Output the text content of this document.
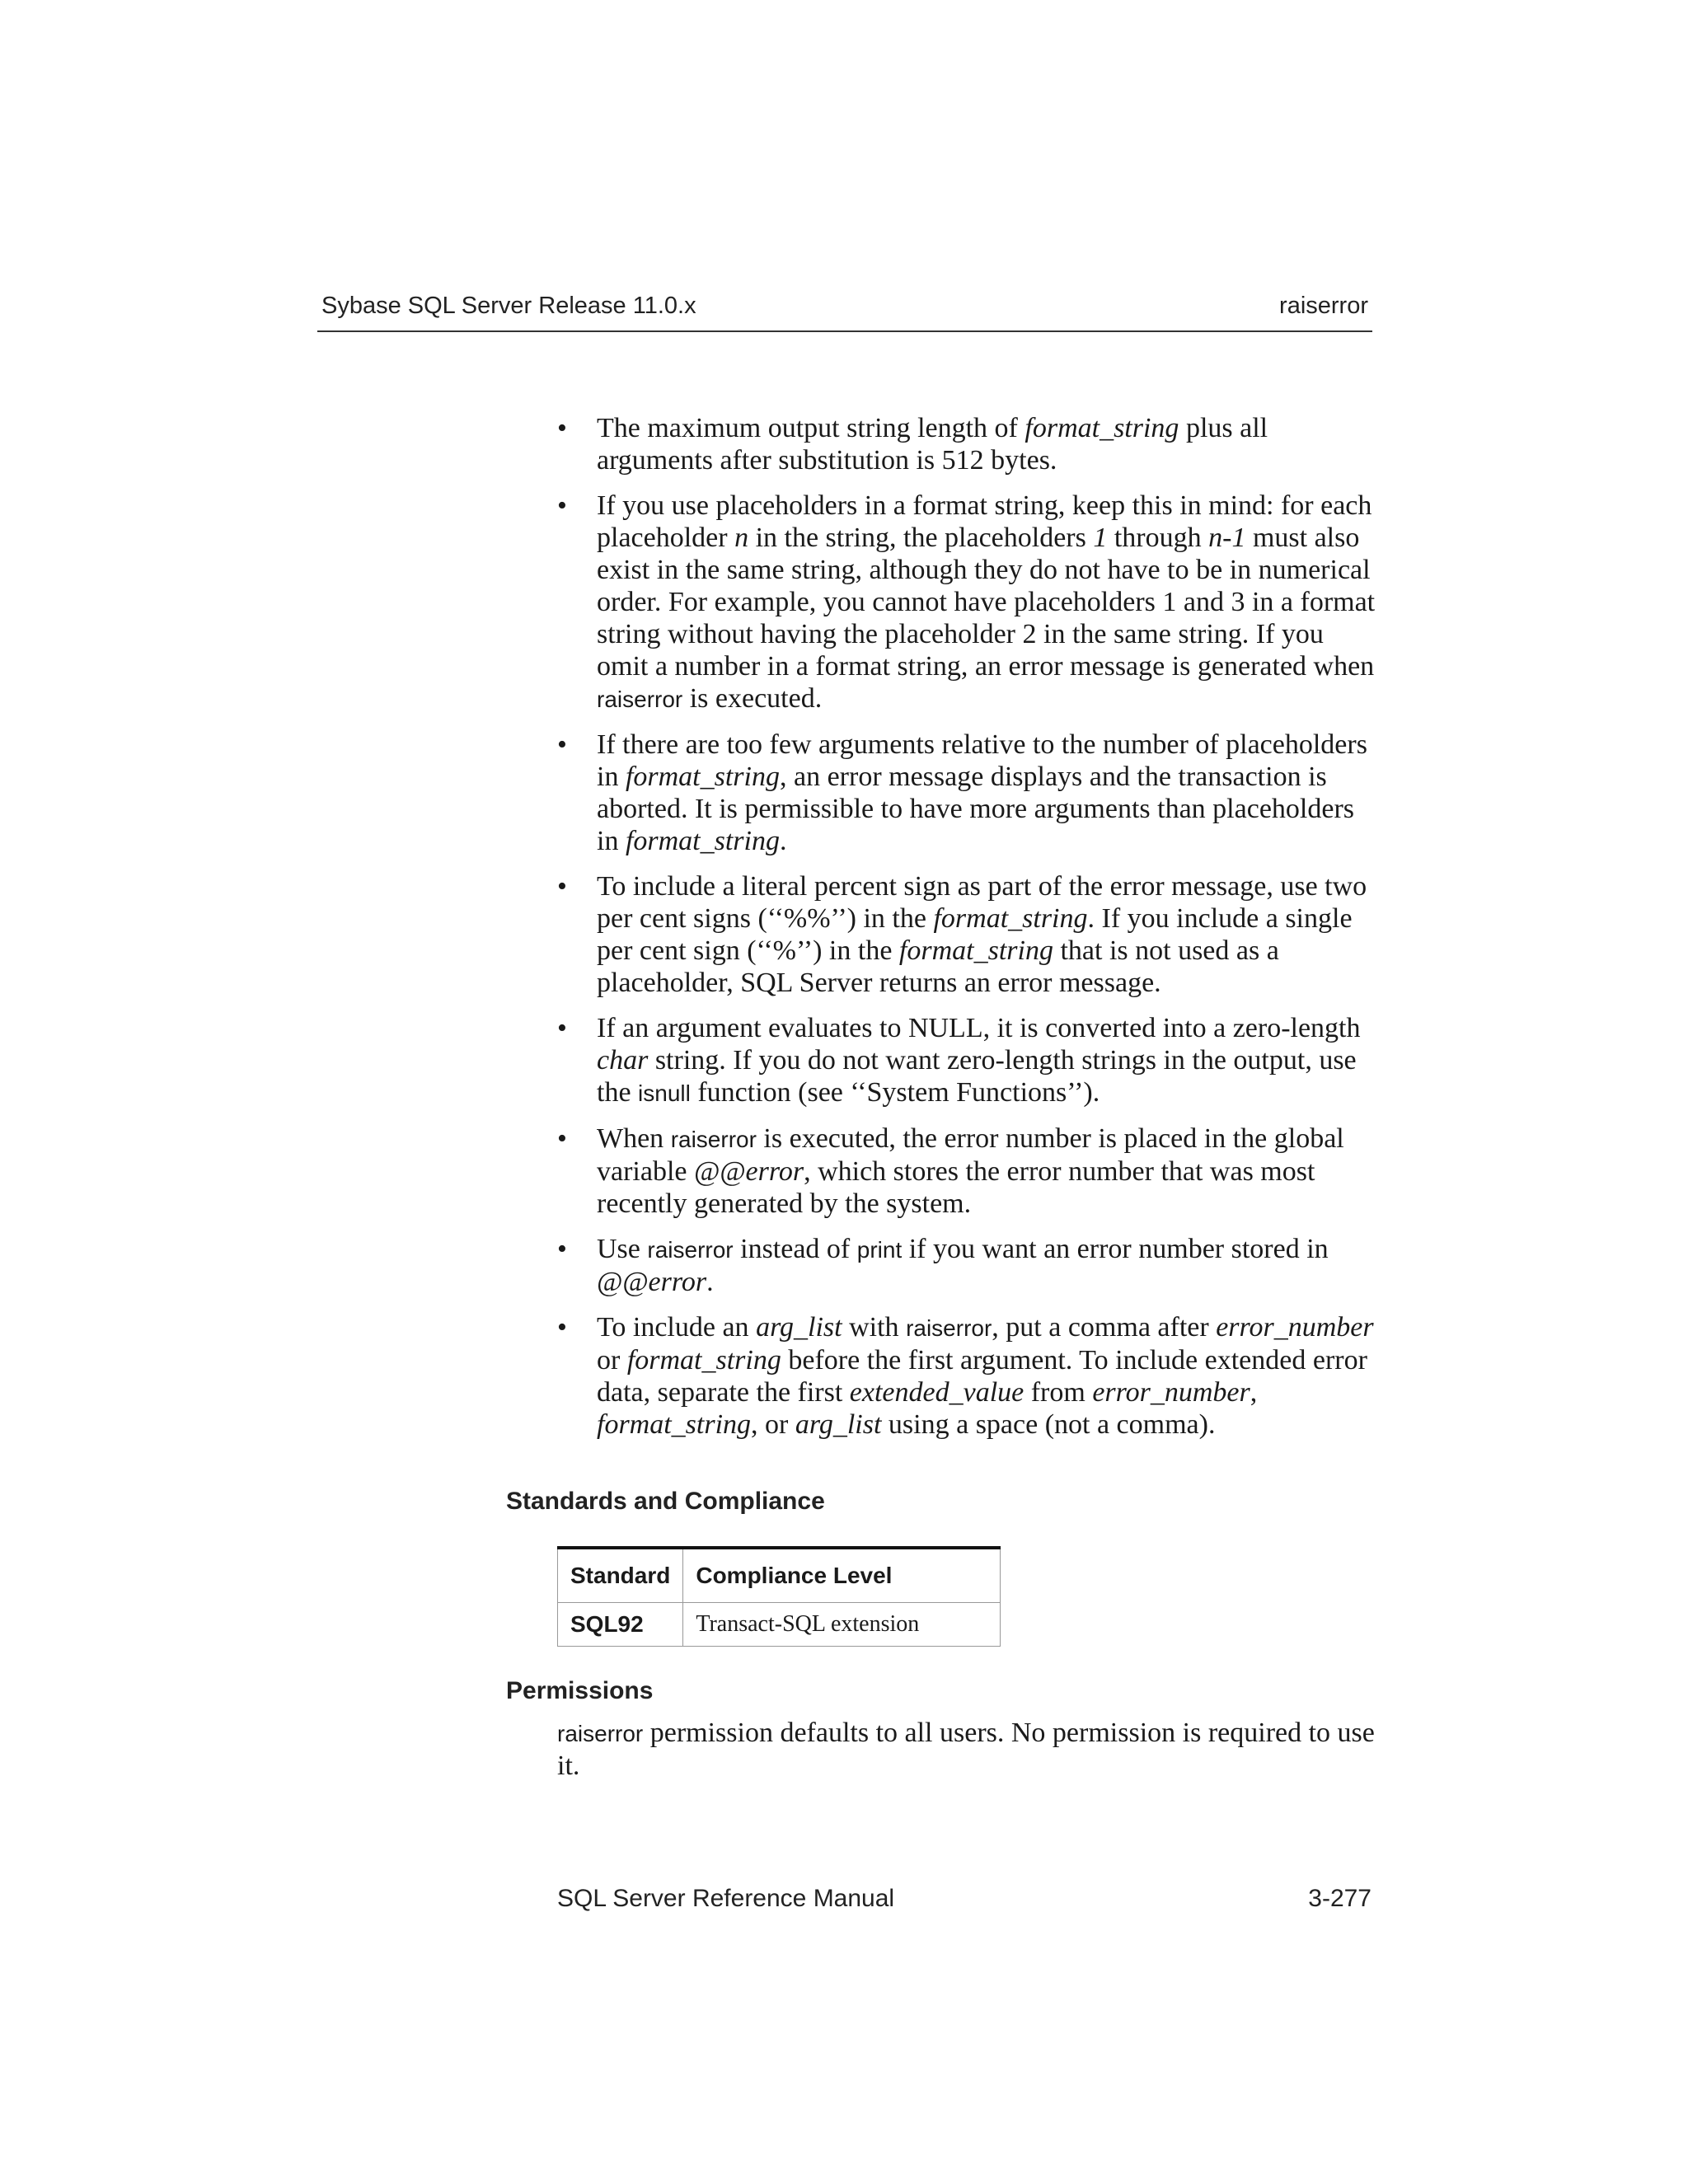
Sybase SQL Server Release 11.0.x	raiserror
• The maximum output string length of format_string plus all arguments after substitution is 512 bytes.
• If you use placeholders in a format string, keep this in mind: for each placeholder n in the string, the placeholders 1 through n-1 must also exist in the same string, although they do not have to be in numerical order. For example, you cannot have placeholders 1 and 3 in a format string without having the placeholder 2 in the same string. If you omit a number in a format string, an error message is generated when raiserror is executed.
• If there are too few arguments relative to the number of placeholders in format_string, an error message displays and the transaction is aborted. It is permissible to have more arguments than placeholders in format_string.
• To include a literal percent sign as part of the error message, use two per cent signs (‘‘%%’’) in the format_string. If you include a single per cent sign (‘‘%’’) in the format_string that is not used as a placeholder, SQL Server returns an error message.
• If an argument evaluates to NULL, it is converted into a zero-length char string. If you do not want zero-length strings in the output, use the isnull function (see ‘‘System Functions’’).
• When raiserror is executed, the error number is placed in the global variable @@error, which stores the error number that was most recently generated by the system.
• Use raiserror instead of print if you want an error number stored in @@error.
• To include an arg_list with raiserror, put a comma after error_number or format_string before the first argument. To include extended error data, separate the first extended_value from error_number, format_string, or arg_list using a space (not a comma).
Standards and Compliance
Standard	Compliance Level
SQL92	Transact-SQL extension
Permissions

raiserror permission defaults to all users. No permission is required to use it.

SQL Server Reference Manual	3-277
